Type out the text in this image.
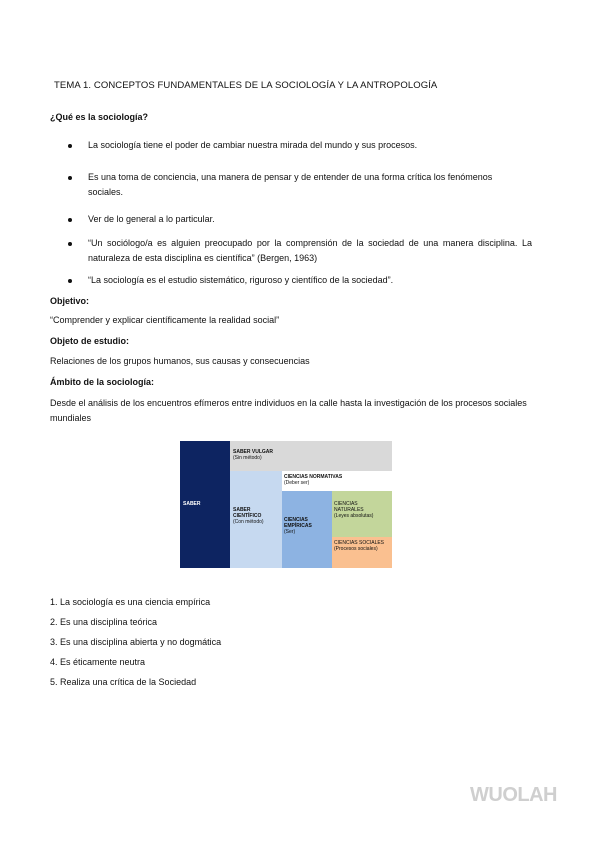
TEMA 1. CONCEPTOS FUNDAMENTALES DE LA SOCIOLOGÍA Y LA ANTROPOLOGÍA
¿Qué es la sociología?
La sociología tiene el poder de cambiar nuestra mirada del mundo y sus procesos.
Es una toma de conciencia, una manera de pensar y de entender de una forma crítica los fenómenos sociales.
Ver de lo general a lo particular.
“Un sociólogo/a es alguien preocupado por la comprensión de la sociedad de una manera disciplina. La naturaleza de esta disciplina es científica” (Bergen, 1963)
“La sociología es el estudio sistemático, riguroso y científico de la sociedad”.
Objetivo:
“Comprender y explicar científicamente la realidad social”
Objeto de estudio:
Relaciones de los grupos humanos, sus causas y consecuencias
Ámbito de la sociología:
Desde el análisis de los encuentros efímeros entre individuos en la calle hasta la investigación de los procesos sociales mundiales
SABER
SABER VULGAR
(Sin método)
SABER CIENTÍFICO
(Con método)
CIENCIAS NORMATIVAS
(Deber ser)
CIENCIAS EMPÍRICAS
(Ser)
CIENCIAS NATURALES
(Leyes absolutas)
CIENCIAS SOCIALES
(Procesos sociales)
1. La sociología es una ciencia empírica
2. Es una disciplina teórica
3. Es una disciplina abierta y no dogmática
4. Es éticamente neutra
5. Realiza una crítica de la Sociedad
WUOLAH
